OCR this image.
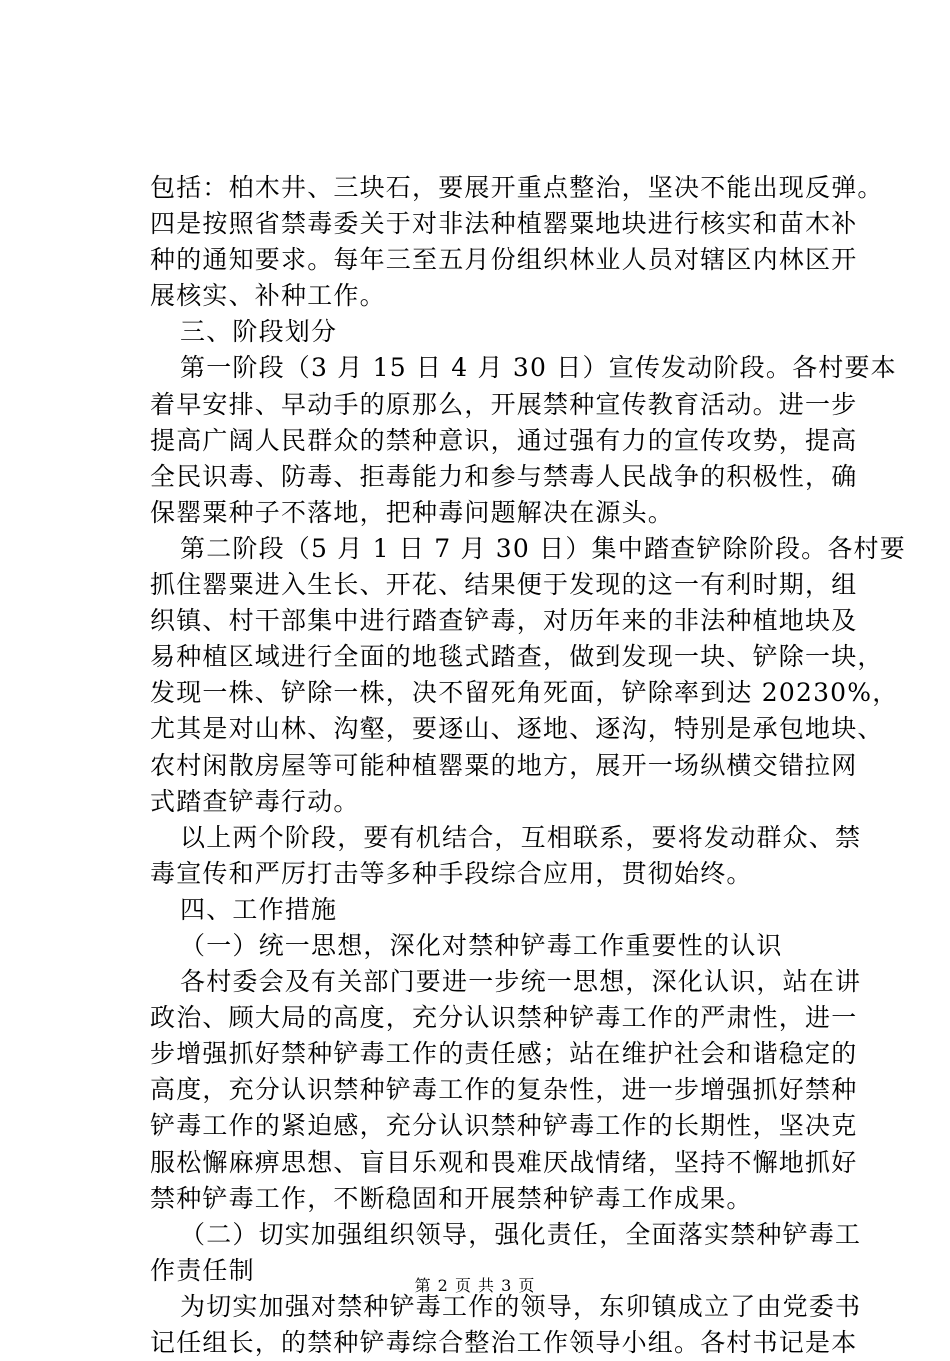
包括：柏木井、三块石，要展开重点整治，坚决不能出现反弹。
四是按照省禁毒委关于对非法种植罂粟地块进行核实和苗木补
种的通知要求。每年三至五月份组织林业人员对辖区内林区开
展核实、补种工作。
三、阶段划分
第一阶段（3 月 15 日 4 月 30 日）宣传发动阶段。各村要本
着早安排、早动手的原那么，开展禁种宣传教育活动。进一步
提高广阔人民群众的禁种意识，通过强有力的宣传攻势，提高
全民识毒、防毒、拒毒能力和参与禁毒人民战争的积极性，确
保罂粟种子不落地，把种毒问题解决在源头。
第二阶段（5 月 1 日 7 月 30 日）集中踏查铲除阶段。各村要
抓住罂粟进入生长、开花、结果便于发现的这一有利时期，组
织镇、村干部集中进行踏查铲毒，对历年来的非法种植地块及
易种植区域进行全面的地毯式踏查，做到发现一块、铲除一块，
发现一株、铲除一株，决不留死角死面，铲除率到达 20230%，
尤其是对山林、沟壑，要逐山、逐地、逐沟，特别是承包地块、
农村闲散房屋等可能种植罂粟的地方，展开一场纵横交错拉网
式踏查铲毒行动。
以上两个阶段，要有机结合，互相联系，要将发动群众、禁
毒宣传和严厉打击等多种手段综合应用，贯彻始终。
四、工作措施
（一）统一思想，深化对禁种铲毒工作重要性的认识
各村委会及有关部门要进一步统一思想，深化认识，站在讲
政治、顾大局的高度，充分认识禁种铲毒工作的严肃性，进一
步增强抓好禁种铲毒工作的责任感；站在维护社会和谐稳定的
高度，充分认识禁种铲毒工作的复杂性，进一步增强抓好禁种
铲毒工作的紧迫感，充分认识禁种铲毒工作的长期性，坚决克
服松懈麻痹思想、盲目乐观和畏难厌战情绪，坚持不懈地抓好
禁种铲毒工作，不断稳固和开展禁种铲毒工作成果。
（二）切实加强组织领导，强化责任，全面落实禁种铲毒工
作责任制
为切实加强对禁种铲毒工作的领导，东卯镇成立了由党委书
记任组长，的禁种铲毒综合整治工作领导小组。各村书记是本
第 2 页 共 3 页
